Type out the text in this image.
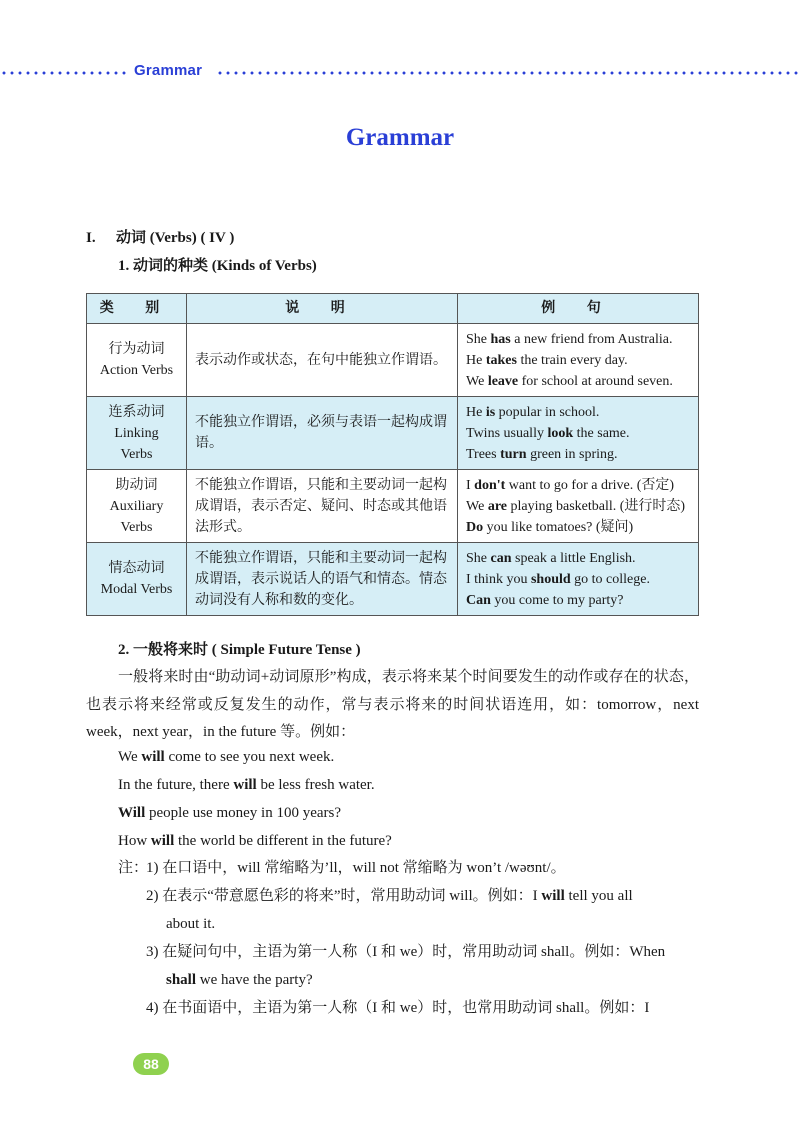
Grammar
Grammar
I. 动词 (Verbs) ( IV )
1. 动词的种类 (Kinds of Verbs)
类 别	说 明	例 句

行为动词
Action Verbs	表示动作或状态，在句中能独立作谓语。	She has a new friend from Australia.
He takes the train every day.
We leave for school at around seven.

连系动词
Linking Verbs	不能独立作谓语，必须与表语一起构成谓语。	He is popular in school.
Twins usually look the same.
Trees turn green in spring.

助动词
Auxiliary Verbs	不能独立作谓语，只能和主要动词一起构成谓语，表示否定、疑问、时态或其他语法形式。	I don't want to go for a drive. (否定)
We are playing basketball. (进行时态)
Do you like tomatoes? (疑问)

情态动词
Modal Verbs	不能独立作谓语，只能和主要动词一起构成谓语，表示说话人的语气和情态。情态动词没有人称和数的变化。	She can speak a little English.
I think you should go to college.
Can you come to my party?
2. 一般将来时 ( Simple Future Tense )
一般将来时由“助动词+动词原形”构成，表示将来某个时间要发生的动作或存在的状态，也表示将来经常或反复发生的动作，常与表示将来的时间状语连用，如：tomorrow，next week，next year，in the future 等。例如：
We will come to see you next week.
In the future, there will be less fresh water.
Will people use money in 100 years?
How will the world be different in the future?
注：
1) 在口语中，will 常缩略为’ll，will not 常缩略为 won’t /wəʊnt/。
2) 在表示“带意愿色彩的将来”时，常用助动词 will。例如：I will tell you all
about it.
3) 在疑问句中，主语为第一人称（I 和 we）时，常用助动词 shall。例如：When
shall we have the party?
4) 在书面语中，主语为第一人称（I 和 we）时，也常用助动词 shall。例如：I
88
